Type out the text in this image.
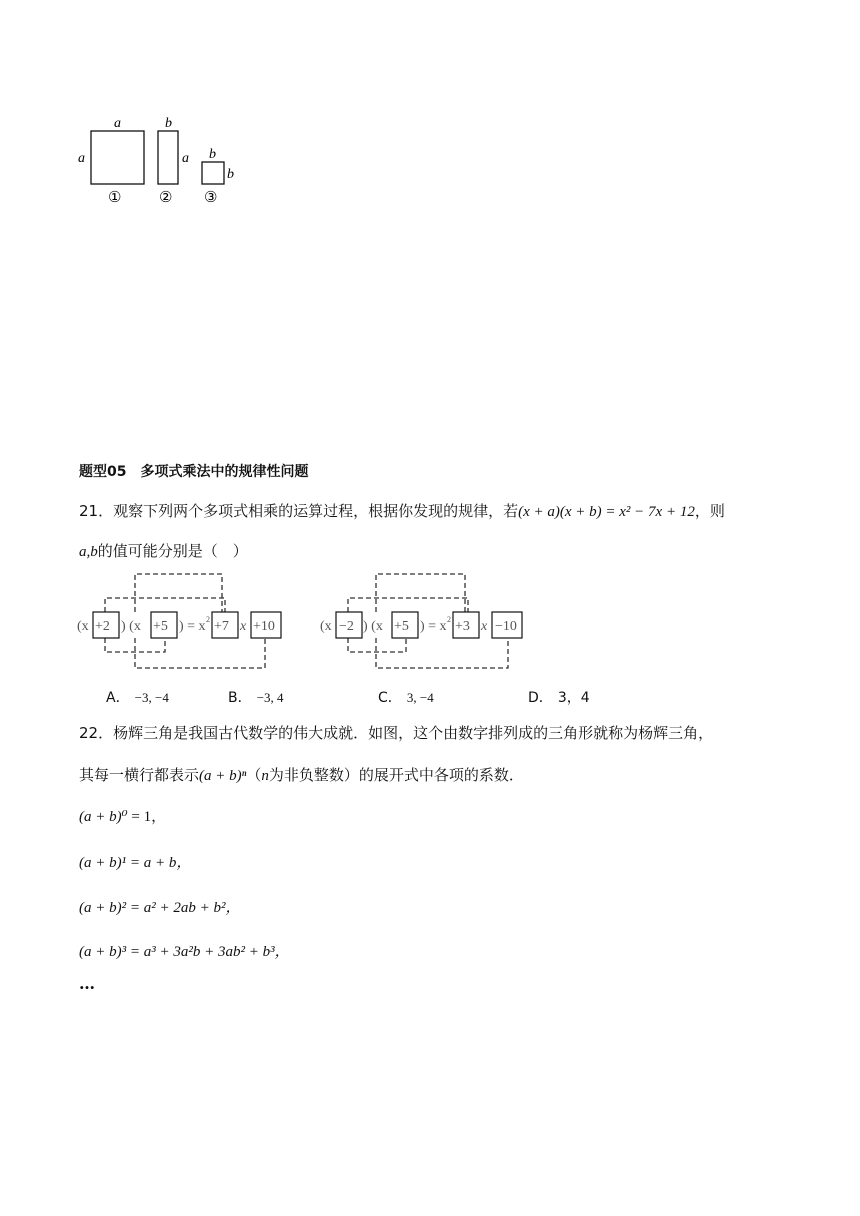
a
a
b
a b
b
①	② ③
题型05　多项式乘法中的规律性问题
21．观察下列两个多项式相乘的运算过程，根据你发现的规律，若(x + a)(x + b) = x² − 7x + 12，则
a,b的值可能分别是（　）
(x +2 ) (x +5 ) = x 2 +7 x +10	(x −2 ) (x +5 ) = x 2 +3 x −10
A． −3, −4	B． −3, 4	C． 3, −4	D． 3，4
22．杨辉三角是我国古代数学的伟大成就．如图，这个由数字排列成的三角形就称为杨辉三角，
其每一横行都表示(a + b)ⁿ（n为非负整数）的展开式中各项的系数．
(a + b)⁰ = 1，
(a + b)¹ = a + b，
(a + b)² = a² + 2ab + b²，
(a + b)³ = a³ + 3a²b + 3ab² + b³，
…
